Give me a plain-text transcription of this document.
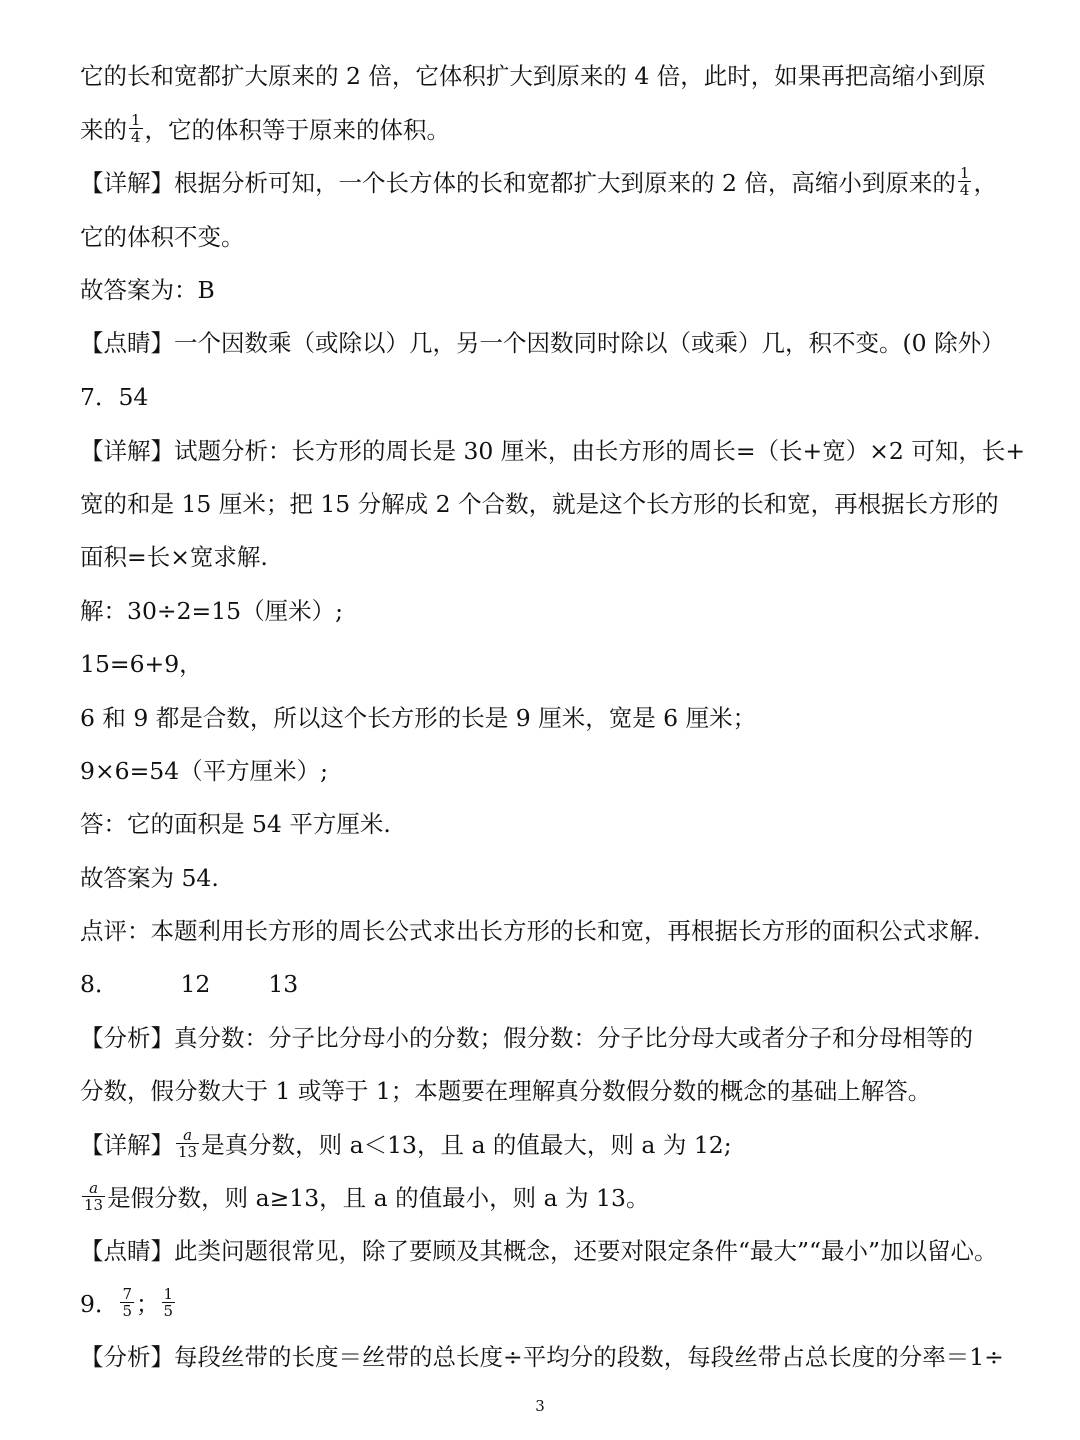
它的长和宽都扩大原来的 2 倍，它体积扩大到原来的 4 倍，此时，如果再把高缩小到原
来的 $\frac{1}{4}$ ，它的体积等于原来的体积。
【详解】根据分析可知，一个长方体的长和宽都扩大到原来的 2 倍，高缩小到原来的 $\frac{1}{4}$ ，
它的体积不变。
故答案为：B
【点睛】一个因数乘（或除以）几，另一个因数同时除以（或乘）几，积不变。(0 除外）
7．54
【详解】试题分析：长方形的周长是 30 厘米，由长方形的周长=（长+宽）×2 可知，长+
宽的和是 15 厘米；把 15 分解成 2 个合数，就是这个长方形的长和宽，再根据长方形的
面积=长×宽求解.
解：30÷2=15（厘米）;
15=6+9，
6 和 9 都是合数，所以这个长方形的长是 9 厘米，宽是 6 厘米；
9×6=54（平方厘米）;
答：它的面积是 54 平方厘米.
故答案为 54.
点评：本题利用长方形的周长公式求出长方形的长和宽，再根据长方形的面积公式求解.
8．	12 13
【分析】真分数：分子比分母小的分数；假分数：分子比分母大或者分子和分母相等的
分数，假分数大于 1 或等于 1；本题要在理解真分数假分数的概念的基础上解答。
【详解】 $\frac{a}{13}$ 是真分数，则 a＜13，且 a 的值最大，则 a 为 12;
$\frac{a}{13}$ 是假分数，则 a≥13，且 a 的值最小，则 a 为 13。
【点睛】此类问题很常见，除了要顾及其概念，还要对限定条件“最大”“最小”加以留心。
9． $\frac{7}{5}$ ； $\frac{1}{5}$
【分析】每段丝带的长度＝丝带的总长度÷平均分的段数，每段丝带占总长度的分率＝1÷
3
